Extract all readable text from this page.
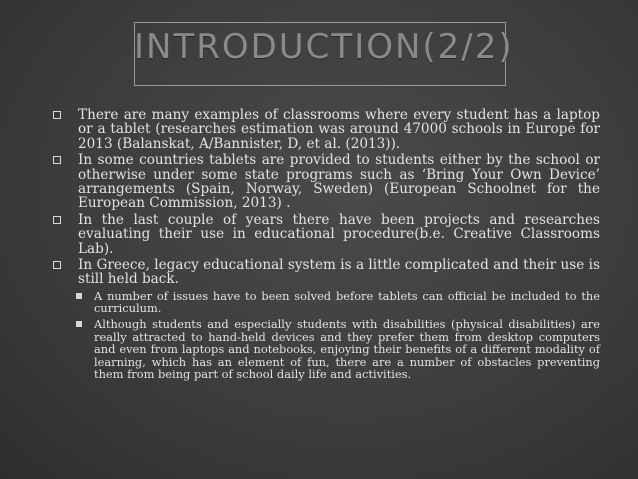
INTRODUCTION(2/2)
There are many examples of classrooms where every student has a laptop or a tablet (researches estimation was around 47000 schools in Europe for 2013 (Balanskat, A/Bannister, D, et al. (2013)).
In some countries tablets are provided to students either by the school or otherwise under some state programs such as ‘Bring Your Own Device’ arrangements (Spain, Norway, Sweden) (European Schoolnet for the European Commission, 2013) .
In the last couple of years there have been projects and researches evaluating their use in educational procedure(b.e. Creative Classrooms Lab).
In Greece, legacy educational system is a little complicated and their use is still held back.
A number of issues have to been solved before tablets can official be included to the curriculum.
Although students and especially students with disabilities (physical disabilities) are really attracted to hand-held devices and they prefer them from desktop computers and even from laptops and notebooks, enjoying their benefits of a different modality of learning, which has an element of fun, there are a number of obstacles preventing them from being part of school daily life and activities.
